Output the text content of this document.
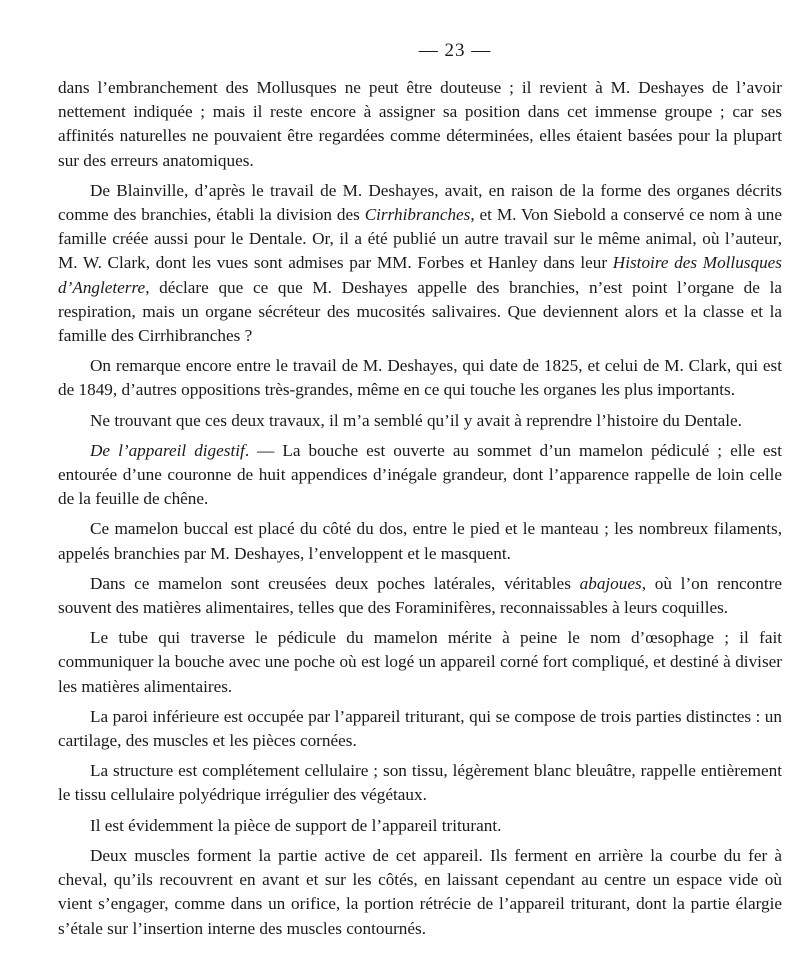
— 23 —

dans l’embranchement des Mollusques ne peut être douteuse ; il revient à M. Deshayes de l’avoir nettement indiquée ; mais il reste encore à assigner sa position dans cet immense groupe ; car ses affinités naturelles ne pouvaient être regardées comme déterminées, elles étaient basées pour la plupart sur des erreurs anatomiques.

De Blainville, d’après le travail de M. Deshayes, avait, en raison de la forme des organes décrits comme des branchies, établi la division des Cirrhibranches, et M. Von Siebold a conservé ce nom à une famille créée aussi pour le Dentale. Or, il a été publié un autre travail sur le même animal, où l’auteur, M. W. Clark, dont les vues sont admises par MM. Forbes et Hanley dans leur Histoire des Mollusques d’Angleterre, déclare que ce que M. Deshayes appelle des branchies, n’est point l’organe de la respiration, mais un organe sécréteur des mucosités salivaires. Que deviennent alors et la classe et la famille des Cirrhibranches ?

On remarque encore entre le travail de M. Deshayes, qui date de 1825, et celui de M. Clark, qui est de 1849, d’autres oppositions très-grandes, même en ce qui touche les organes les plus importants.

Ne trouvant que ces deux travaux, il m’a semblé qu’il y avait à reprendre l’histoire du Dentale.

De l’appareil digestif. — La bouche est ouverte au sommet d’un mamelon pédiculé ; elle est entourée d’une couronne de huit appendices d’inégale grandeur, dont l’apparence rappelle de loin celle de la feuille de chêne.

Ce mamelon buccal est placé du côté du dos, entre le pied et le manteau ; les nombreux filaments, appelés branchies par M. Deshayes, l’enveloppent et le masquent.

Dans ce mamelon sont creusées deux poches latérales, véritables abajoues, où l’on rencontre souvent des matières alimentaires, telles que des Foraminifères, reconnaissables à leurs coquilles.

Le tube qui traverse le pédicule du mamelon mérite à peine le nom d’œsophage ; il fait communiquer la bouche avec une poche où est logé un appareil corné fort compliqué, et destiné à diviser les matières alimentaires.

La paroi inférieure est occupée par l’appareil triturant, qui se compose de trois parties distinctes : un cartilage, des muscles et les pièces cornées.

La structure est complétement cellulaire ; son tissu, légèrement blanc bleuâtre, rappelle entièrement le tissu cellulaire polyédrique irrégulier des végétaux.

Il est évidemment la pièce de support de l’appareil triturant.

Deux muscles forment la partie active de cet appareil. Ils ferment en arrière la courbe du fer à cheval, qu’ils recouvrent en avant et sur les côtés, en laissant cependant au centre un espace vide où vient s’engager, comme dans un orifice, la portion rétrécie de l’appareil triturant, dont la partie élargie s’étale sur l’insertion interne des muscles contournés.
